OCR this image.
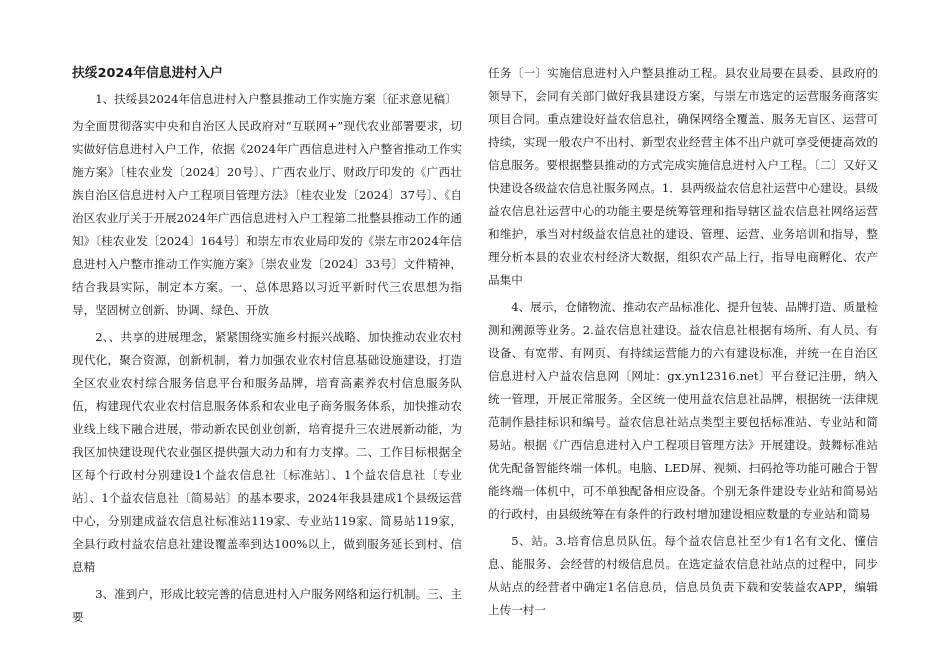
扶绥2024年信息进村入户

1、扶绥县2024年信息进村入户整县推动工作实施方案〔征求意见稿〕

为全面贯彻落实中央和自治区人民政府对“互联网+”现代农业部署要求，切实做好信息进村入户工作，依据《2024年广西信息进村入户整省推动工作实施方案》〔桂农业发〔2024〕20号〕、广西农业厅、财政厅印发的《广西壮族自治区信息进村入户工程项目管理方法》〔桂农业发〔2024〕37号〕、《自治区农业厅关于开展2024年广西信息进村入户工程第二批整县推动工作的通知》〔桂农业发〔2024〕164号〕和崇左市农业局印发的《崇左市2024年信息进村入户整市推动工作实施方案》〔崇农业发〔2024〕33号〕文件精神，结合我县实际，制定本方案。一、总体思路以习近平新时代三农思想为指导，坚固树立创新、协调、绿色、开放

2、、共享的进展理念，紧紧围绕实施乡村振兴战略、加快推动农业农村现代化，聚合资源，创新机制，着力加强农业农村信息基础设施建设，打造全区农业农村综合服务信息平台和服务品牌，培育高素养农村信息服务队伍，构建现代农业农村信息服务体系和农业电子商务服务体系，加快推动农业线上线下融合进展，带动新农民创业创新，培育提升三农进展新动能，为我区加快建设现代农业强区提供强大动力和有力支撑。二、工作目标根据全区每个行政村分别建设1个益农信息社〔标准站〕、1个益农信息社〔专业站〕、1个益农信息社〔简易站〕的基本要求，2024年我县建成1个县级运营中心，分别建成益农信息社标准站119家、专业站119家、简易站119家，全县行政村益农信息社建设覆盖率到达100%以上，做到服务延长到村、信息精

3、准到户，形成比较完善的信息进村入户服务网络和运行机制。三、主要

任务〔一〕实施信息进村入户整县推动工程。县农业局要在县委、县政府的领导下，会同有关部门做好我县建设方案，与崇左市选定的运营服务商落实项目合同。重点建设好益农信息社，确保网络全覆盖、服务无盲区、运营可持续，实现一般农户不出村、新型农业经营主体不出户就可享受便捷高效的信息服务。要根据整县推动的方式完成实施信息进村入户工程。〔二〕又好又快建设各级益农信息社服务网点。1．县两级益农信息社运营中心建设。县级益农信息社运营中心的功能主要是统筹管理和指导辖区益农信息社网络运营和维护，承当对村级益农信息社的建设、管理、运营、业务培训和指导，整理分析本县的农业农村经济大数据，组织农产品上行，指导电商孵化、农产品集中

4、展示，仓储物流、推动农产品标准化、提升包装、品牌打造、质量检测和溯源等业务。2.益农信息社建设。益农信息社根据有场所、有人员、有设备、有宽带、有网页、有持续运营能力的六有建设标准，并统一在自治区信息进村入户益农信息网〔网址：gx.yn12316.net〕平台登记注册，纳入统一管理，开展正常服务。全区统一使用益农信息社品牌，根据统一法律规范制作悬挂标识和编号。益农信息社站点类型主要包括标准站、专业站和简易站。根据《广西信息进村入户工程项目管理方法》开展建设。鼓舞标准站优先配备智能终端一体机。电脑、LED屏、视频、扫码抢等功能可融合于智能终端一体机中，可不单独配备相应设备。个别无条件建设专业站和简易站的行政村，由县级统筹在有条件的行政村增加建设相应数量的专业站和简易

5、站。3.培育信息员队伍。每个益农信息社至少有1名有文化、懂信息、能服务、会经营的村级信息员。在选定益农信息社站点的过程中，同步从站点的经营者中确定1名信息员，信息员负责下载和安装益农APP，编辑上传一村一
